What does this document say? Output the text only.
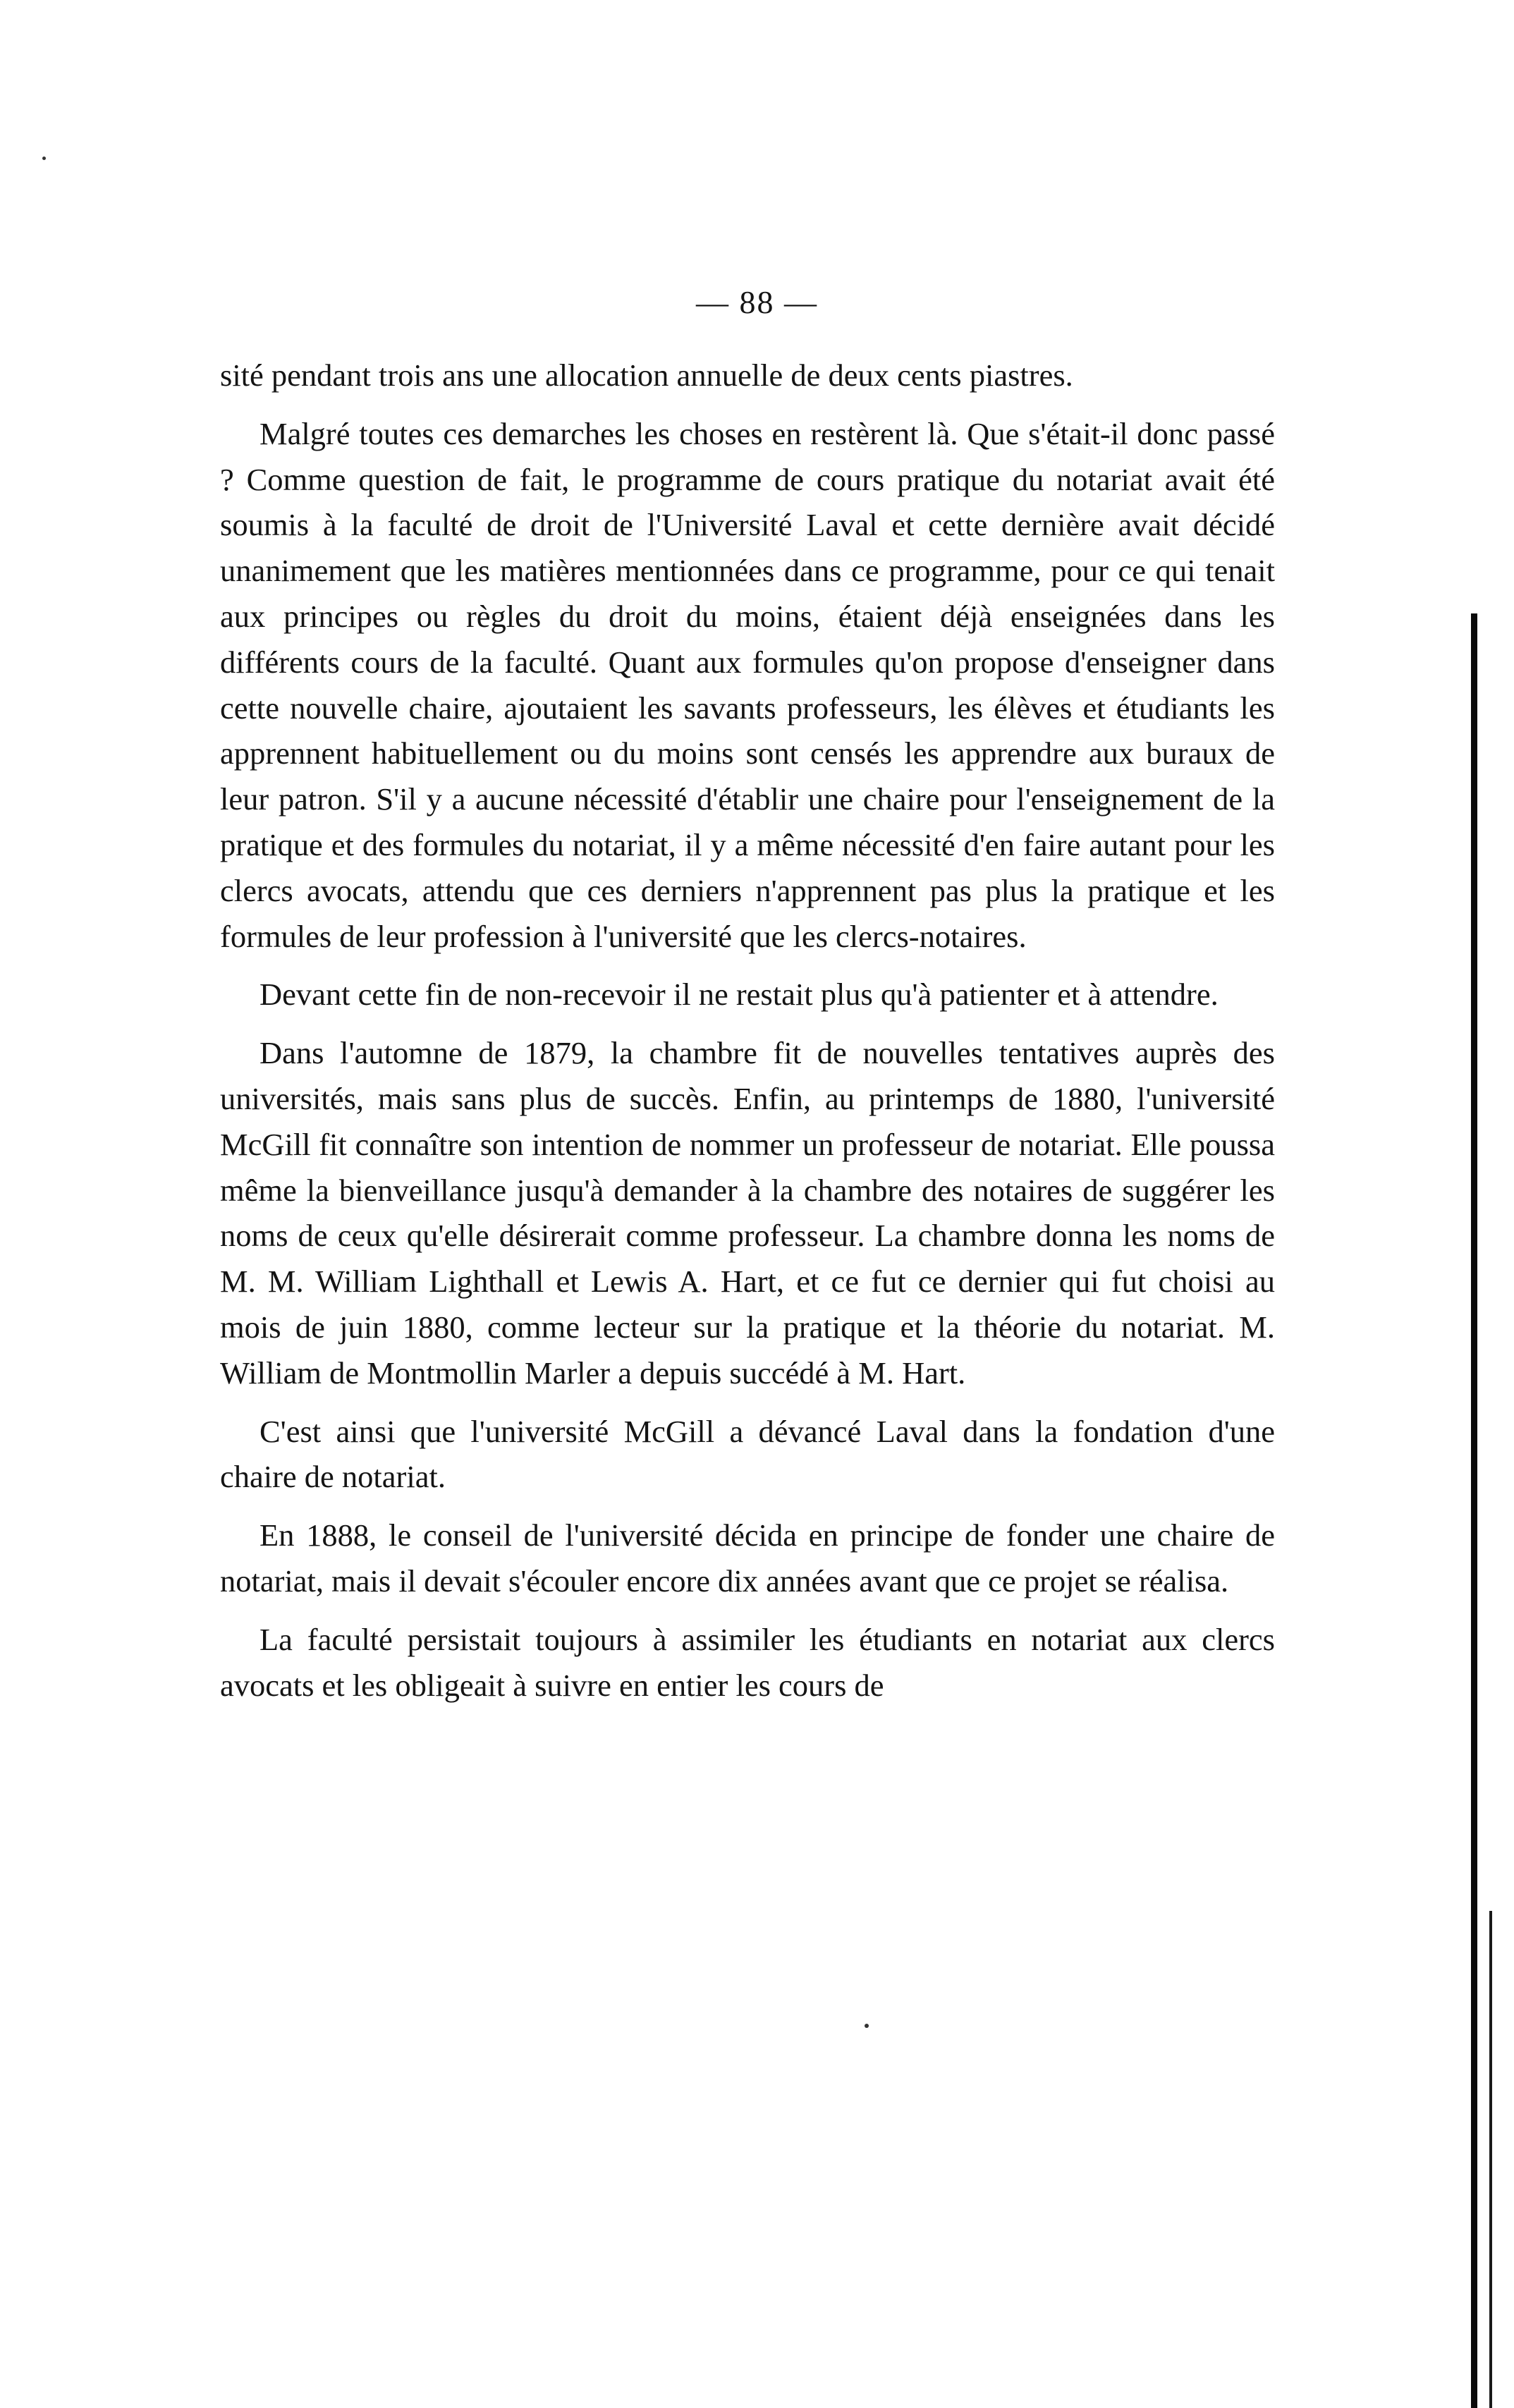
— 88 —

sité pendant trois ans une allocation annuelle de deux cents piastres.

Malgré toutes ces demarches les choses en restèrent là. Que s'était-il donc passé ? Comme question de fait, le programme de cours pratique du notariat avait été soumis à la faculté de droit de l'Université Laval et cette dernière avait décidé unanimement que les matières mentionnées dans ce programme, pour ce qui tenait aux principes ou règles du droit du moins, étaient déjà enseignées dans les différents cours de la faculté. Quant aux formules qu'on propose d'enseigner dans cette nouvelle chaire, ajoutaient les savants professeurs, les élèves et étudiants les apprennent habituellement ou du moins sont censés les apprendre aux buraux de leur patron. S'il y a aucune nécessité d'établir une chaire pour l'enseignement de la pratique et des formules du notariat, il y a même nécessité d'en faire autant pour les clercs avocats, attendu que ces derniers n'apprennent pas plus la pratique et les formules de leur profession à l'université que les clercs-notaires.

Devant cette fin de non-recevoir il ne restait plus qu'à patienter et à attendre.

Dans l'automne de 1879, la chambre fit de nouvelles tentatives auprès des universités, mais sans plus de succès. Enfin, au printemps de 1880, l'université McGill fit connaître son intention de nommer un professeur de notariat. Elle poussa même la bienveillance jusqu'à demander à la chambre des notaires de suggérer les noms de ceux qu'elle désirerait comme professeur. La chambre donna les noms de M. M. William Lighthall et Lewis A. Hart, et ce fut ce dernier qui fut choisi au mois de juin 1880, comme lecteur sur la pratique et la théorie du notariat. M. William de Montmollin Marler a depuis succédé à M. Hart.

C'est ainsi que l'université McGill a dévancé Laval dans la fondation d'une chaire de notariat.

En 1888, le conseil de l'université décida en principe de fonder une chaire de notariat, mais il devait s'écouler encore dix années avant que ce projet se réalisa.

La faculté persistait toujours à assimiler les étudiants en notariat aux clercs avocats et les obligeait à suivre en entier les cours de
